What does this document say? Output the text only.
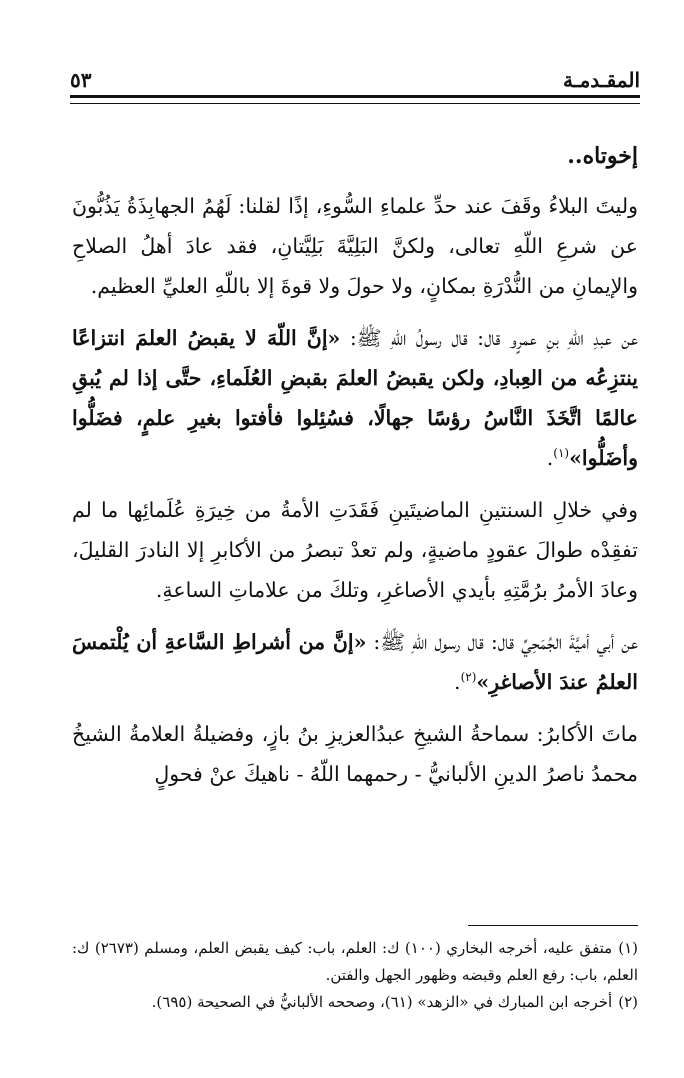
المقـدمـة
٥٣
إخوتاه..

وليتَ البلاءُ وقَفَ عند حدِّ علماءِ السُّوءِ، إذًا لقلنا: لَهُمُ الجهابِذَةُ يَذُبُّونَ عن شرعِ اللّهِ تعالى، ولكنَّ البَلِيَّةَ بَلِيَّتانِ، فقد عادَ أهلُ الصلاحِ والإيمانِ من النُّدْرَةِ بمكانٍ، ولا حولَ ولا قوةَ إلا باللّهِ العليِّ العظيم.

عن عبدِ اللّهِ بنِ عمرٍو قال: قال رسولُ اللّهِ ﷺ: «إنَّ اللّهَ لا يقبضُ العلمَ انتزاعًا ينتزِعُه من العِبادِ، ولكن يقبضُ العلمَ بقبضِ العُلَماءِ، حتَّى إذا لم يُبقِ عالمًا اتَّخَذَ النَّاسُ رؤسًا جهالًا، فسُئِلوا فأفتوا بغيرِ علمٍ، فضَلُّوا وأضَلُّوا»$^{(١)}$.

وفي خلالِ السنتينِ الماضيتَينِ فَقَدَتِ الأمةُ من خِيرَةِ عُلَمائِها ما لم تفقِدْه طوالَ عقودٍ ماضيةٍ، ولم تعدْ تبصرُ من الأكابرِ إلا النادرَ القليلَ، وعادَ الأمرُ برُمَّتِهِ بأيدي الأصاغرِ، وتلكَ من علاماتِ الساعةِ.

عن أبي أميَّةَ الجُمَحِيِّ قال: قال رسول اللّهِ ﷺ: «إنَّ من أشراطِ السَّاعةِ أن يُلْتمسَ العلمُ عندَ الأصاغرِ»$^{(٢)}$.

ماتَ الأكابرُ: سماحةُ الشيخِ عبدُالعزيزِ بنُ بازٍ، وفضيلةُ العلامةُ الشيخُ محمدُ ناصرُ الدينِ الألبانيُّ - رحمهما اللّهُ - ناهيكَ عنْ فحولٍ

(١)متفق عليه، أخرجه البخاري (١٠٠) ك: العلم، باب: كيف يقبض العلم، ومسلم (٢٦٧٣) ك: العلم، باب: رفع العلم وقبضه وظهور الجهل والفتن.

(٢)أخرجه ابن المبارك في «الزهد» (٦١)، وصححه الألبانيُّ في الصحيحة (٦٩٥).
